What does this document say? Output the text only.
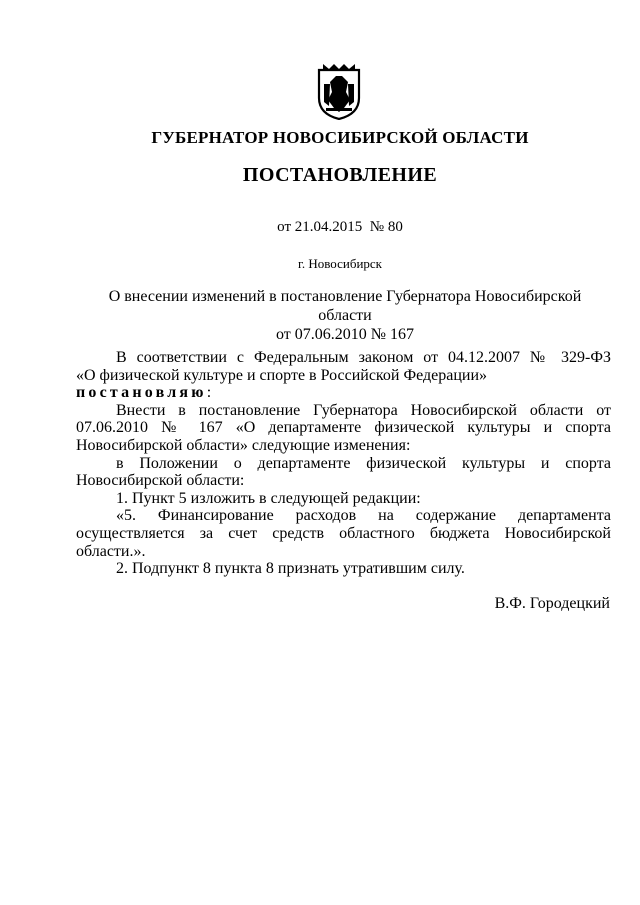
ГУБЕРНАТОР НОВОСИБИРСКОЙ ОБЛАСТИ
ПОСТАНОВЛЕНИЕ
от 21.04.2015 № 80
г. Новосибирск
О внесении изменений в постановление Губернатора Новосибирской области
от 07.06.2010 № 167

В соответствии с Федеральным законом от 04.12.2007 № 329-ФЗ

«О физической культуре и спорте в Российской Федерации» постановляю:

Внести в постановление Губернатора Новосибирской области от 07.06.2010 № 167 «О департаменте физической культуры и спорта Новосибирской области» следующие изменения:

в Положении о департаменте физической культуры и спорта Новосибирской области:

1. Пункт 5 изложить в следующей редакции:

«5. Финансирование расходов на содержание департамента осуществляется за счет средств областного бюджета Новосибирской области.».

2. Подпункт 8 пункта 8 признать утратившим силу.

В.Ф. Городецкий
